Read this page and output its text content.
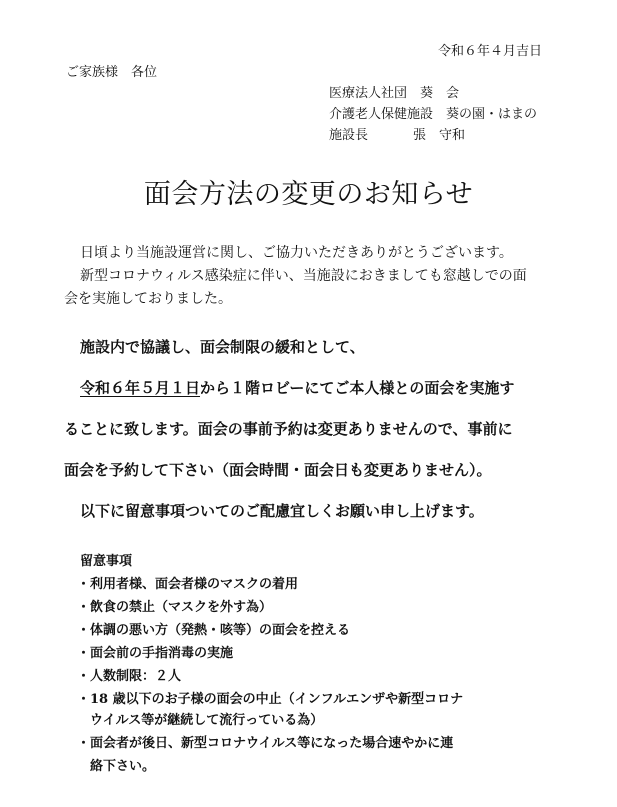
令和６年４月吉日
ご家族様　各位
医療法人社団　葵　会
介護老人保健施設　葵の園・はまの
施設長	張　守和
面会方法の変更のお知らせ
日頃より当施設運営に関し、ご協力いただきありがとうございます。
新型コロナウィルス感染症に伴い、当施設におきましても窓越しでの面
会を実施しておりました。
施設内で協議し、面会制限の緩和として、
令和６年５月１日から１階ロビーにてご本人様との面会を実施す
ることに致します。面会の事前予約は変更ありませんので、事前に
面会を予約して下さい（面会時間・面会日も変更ありません）。
以下に留意事項ついてのご配慮宜しくお願い申し上げます。
留意事項
・利用者様、面会者様のマスクの着用
・飲食の禁止（マスクを外す為）
・体調の悪い方（発熱・咳等）の面会を控える
・面会前の手指消毒の実施
・人数制限：２人
・18 歳以下のお子様の面会の中止（インフルエンザや新型コロナ
　ウイルス等が継続して流行っている為）
・面会者が後日、新型コロナウイルス等になった場合速やかに連
　絡下さい。
